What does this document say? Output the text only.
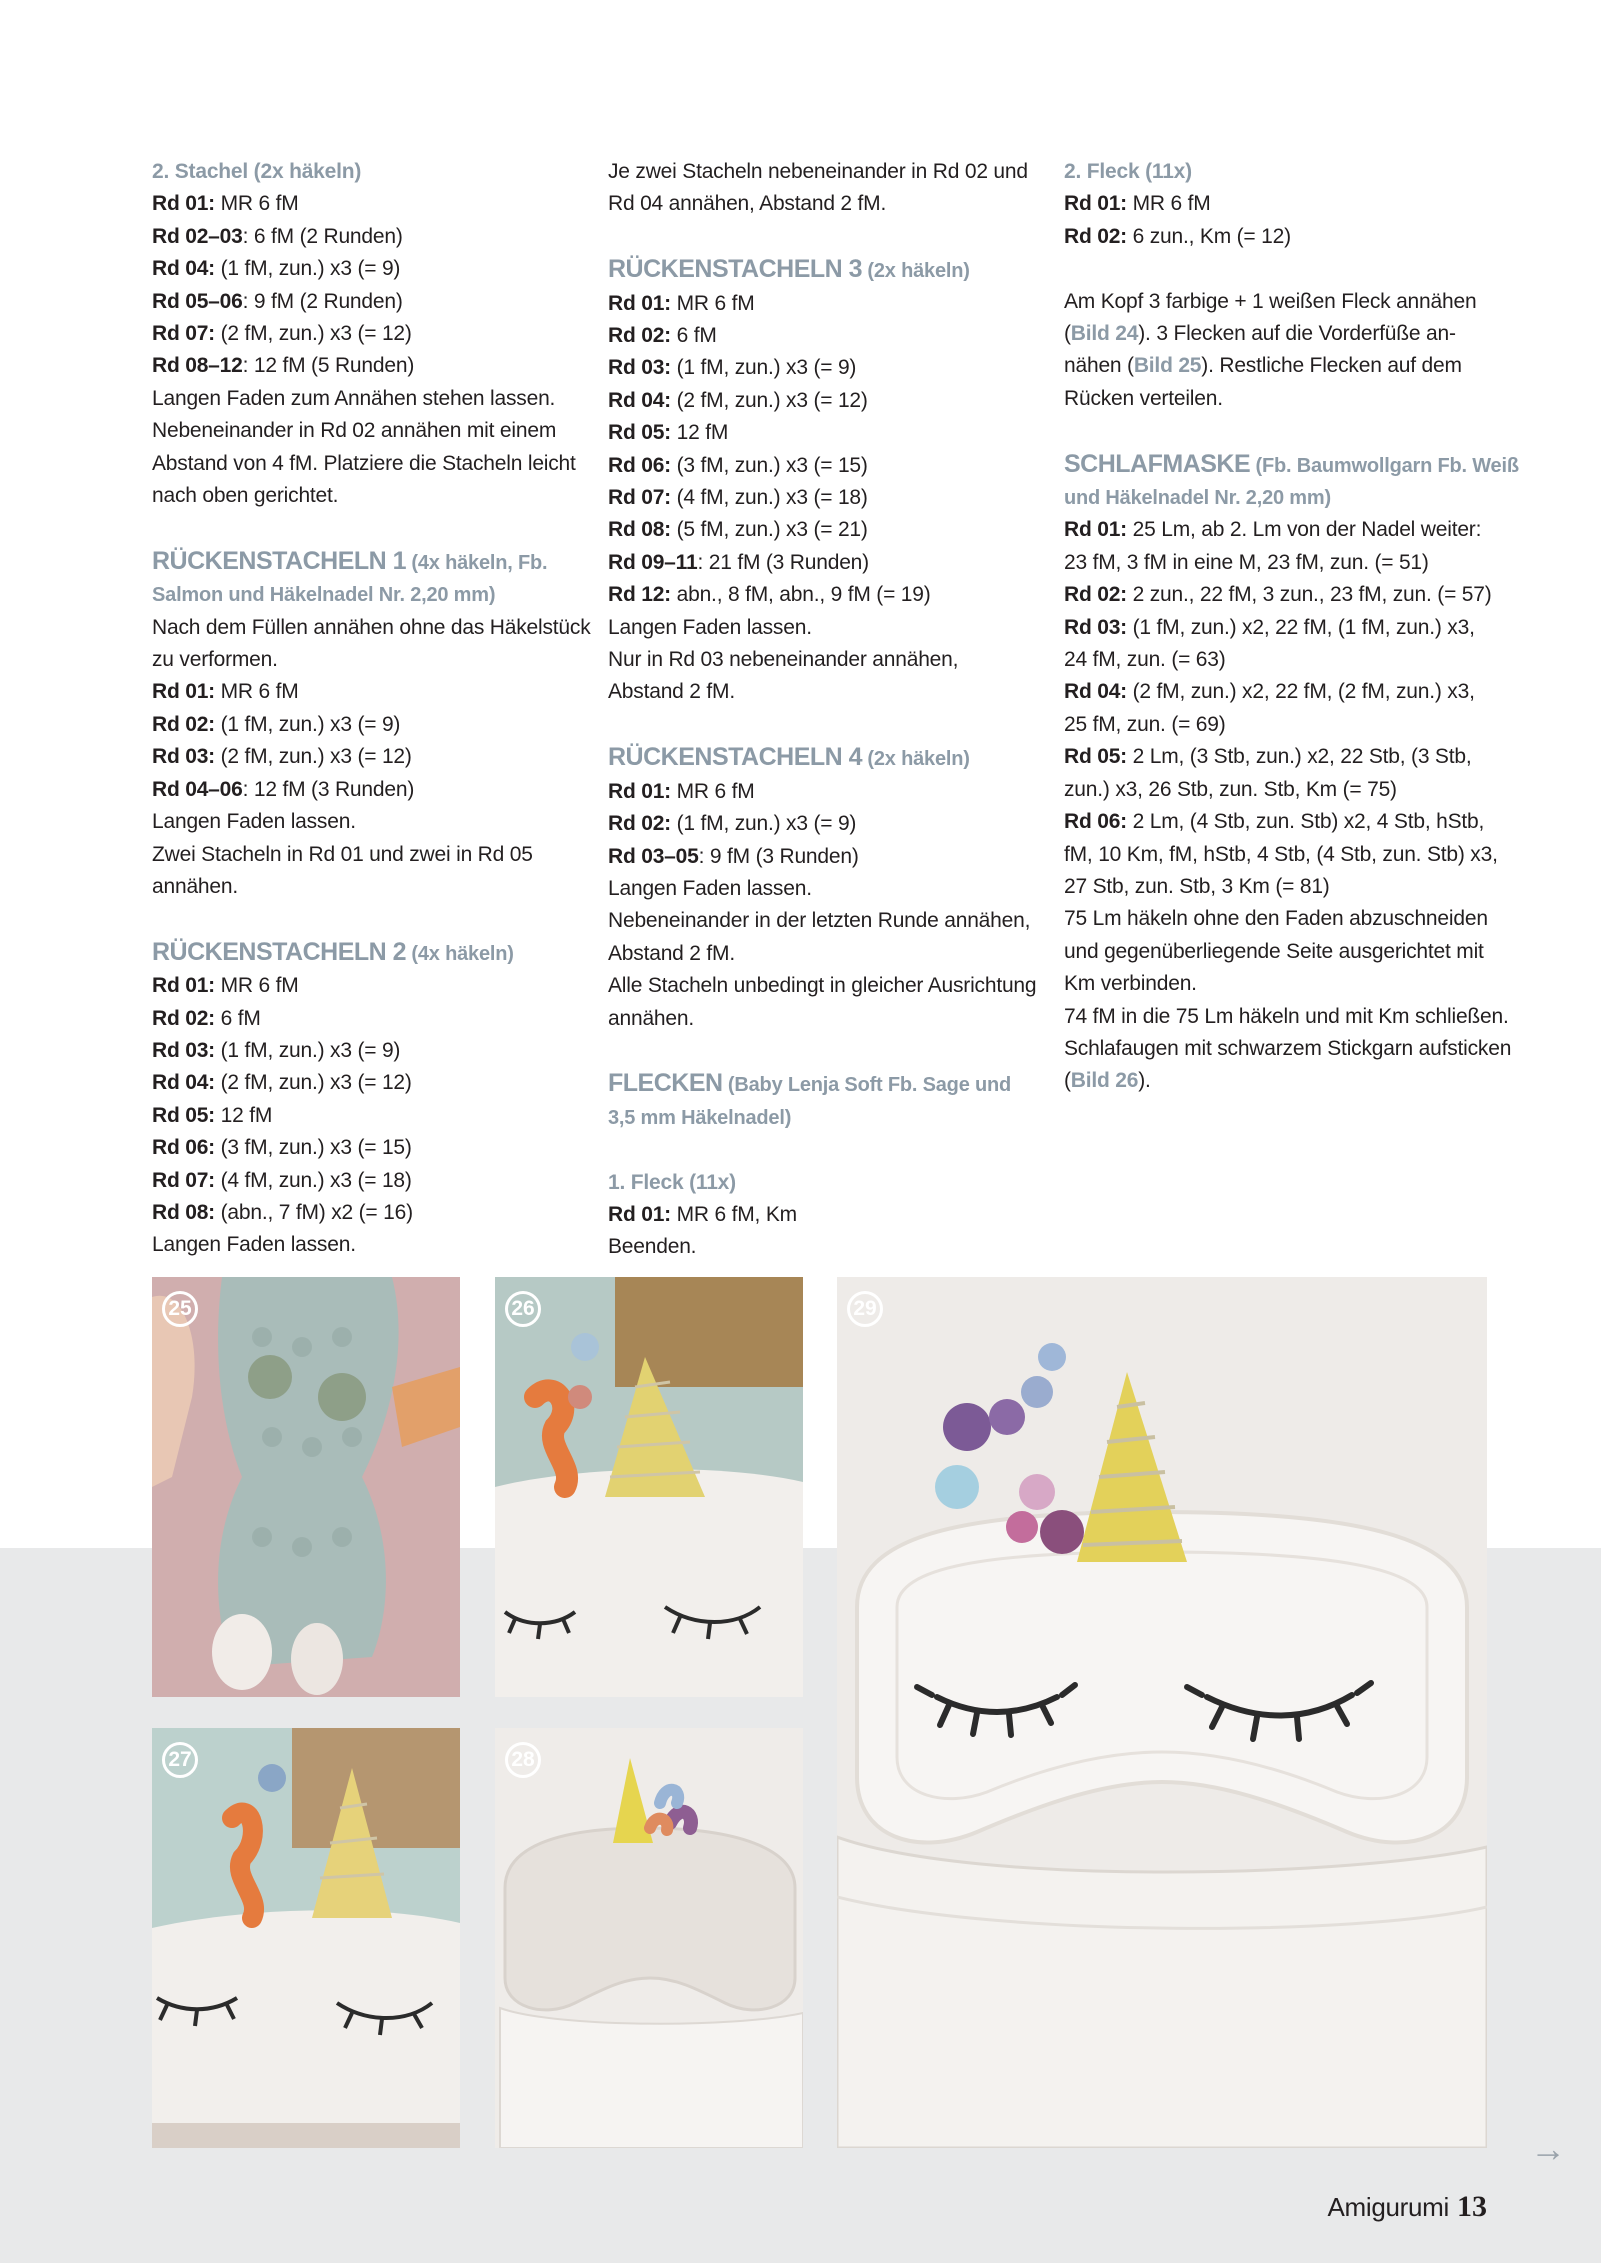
2. Stachel (2x häkeln)
Rd 01: MR 6 fM
Rd 02–03: 6 fM (2 Runden)
Rd 04: (1 fM, zun.) x3 (= 9)
Rd 05–06: 9 fM (2 Runden)
Rd 07: (2 fM, zun.) x3 (= 12)
Rd 08–12: 12 fM (5 Runden)
Langen Faden zum Annähen stehen lassen.
Nebeneinander in Rd 02 annähen mit einem
Abstand von 4 fM. Platziere die Stacheln leicht
nach oben gerichtet.
RÜCKENSTACHELN 1 (4x häkeln, Fb.
Salmon und Häkelnadel Nr. 2,20 mm)
Nach dem Füllen annähen ohne das Häkelstück
zu verformen.
Rd 01: MR 6 fM
Rd 02: (1 fM, zun.) x3 (= 9)
Rd 03: (2 fM, zun.) x3 (= 12)
Rd 04–06: 12 fM (3 Runden)
Langen Faden lassen.
Zwei Stacheln in Rd 01 und zwei in Rd 05
annähen.
RÜCKENSTACHELN 2 (4x häkeln)
Rd 01: MR 6 fM
Rd 02: 6 fM
Rd 03: (1 fM, zun.) x3 (= 9)
Rd 04: (2 fM, zun.) x3 (= 12)
Rd 05: 12 fM
Rd 06: (3 fM, zun.) x3 (= 15)
Rd 07: (4 fM, zun.) x3 (= 18)
Rd 08: (abn., 7 fM) x2 (= 16)
Langen Faden lassen.
Je zwei Stacheln nebeneinander in Rd 02 und
Rd 04 annähen, Abstand 2 fM.
RÜCKENSTACHELN 3 (2x häkeln)
Rd 01: MR 6 fM
Rd 02: 6 fM
Rd 03: (1 fM, zun.) x3 (= 9)
Rd 04: (2 fM, zun.) x3 (= 12)
Rd 05: 12 fM
Rd 06: (3 fM, zun.) x3 (= 15)
Rd 07: (4 fM, zun.) x3 (= 18)
Rd 08: (5 fM, zun.) x3 (= 21)
Rd 09–11: 21 fM (3 Runden)
Rd 12: abn., 8 fM, abn., 9 fM (= 19)
Langen Faden lassen.
Nur in Rd 03 nebeneinander annähen,
Abstand 2 fM.
RÜCKENSTACHELN 4 (2x häkeln)
Rd 01: MR 6 fM
Rd 02: (1 fM, zun.) x3 (= 9)
Rd 03–05: 9 fM (3 Runden)
Langen Faden lassen.
Nebeneinander in der letzten Runde annähen,
Abstand 2 fM.
Alle Stacheln unbedingt in gleicher Ausrichtung
annähen.
FLECKEN (Baby Lenja Soft Fb. Sage und
3,5 mm Häkelnadel)
1. Fleck (11x)
Rd 01: MR 6 fM, Km
Beenden.
2. Fleck (11x)
Rd 01: MR 6 fM
Rd 02: 6 zun., Km (= 12)
Am Kopf 3 farbige + 1 weißen Fleck annähen
(Bild 24). 3 Flecken auf die Vorderfüße an-
nähen (Bild 25). Restliche Flecken auf dem
Rücken verteilen.
SCHLAFMASKE (Fb. Baumwollgarn Fb. Weiß
und Häkelnadel Nr. 2,20 mm)
Rd 01: 25 Lm, ab 2. Lm von der Nadel weiter:
23 fM, 3 fM in eine M, 23 fM, zun. (= 51)
Rd 02: 2 zun., 22 fM, 3 zun., 23 fM, zun. (= 57)
Rd 03: (1 fM, zun.) x2, 22 fM, (1 fM, zun.) x3,
24 fM, zun. (= 63)
Rd 04: (2 fM, zun.) x2, 22 fM, (2 fM, zun.) x3,
25 fM, zun. (= 69)
Rd 05: 2 Lm, (3 Stb, zun.) x2, 22 Stb, (3 Stb,
zun.) x3, 26 Stb, zun. Stb, Km (= 75)
Rd 06: 2 Lm, (4 Stb, zun. Stb) x2, 4 Stb, hStb,
fM, 10 Km, fM, hStb, 4 Stb, (4 Stb, zun. Stb) x3,
27 Stb, zun. Stb, 3 Km (= 81)
75 Lm häkeln ohne den Faden abzuschneiden
und gegenüberliegende Seite ausgerichtet mit
Km verbinden.
74 fM in die 75 Lm häkeln und mit Km schließen.
Schlafaugen mit schwarzem Stickgarn aufsticken
(Bild 26).
25	26
27	28
29
→
Amigurumi 13
